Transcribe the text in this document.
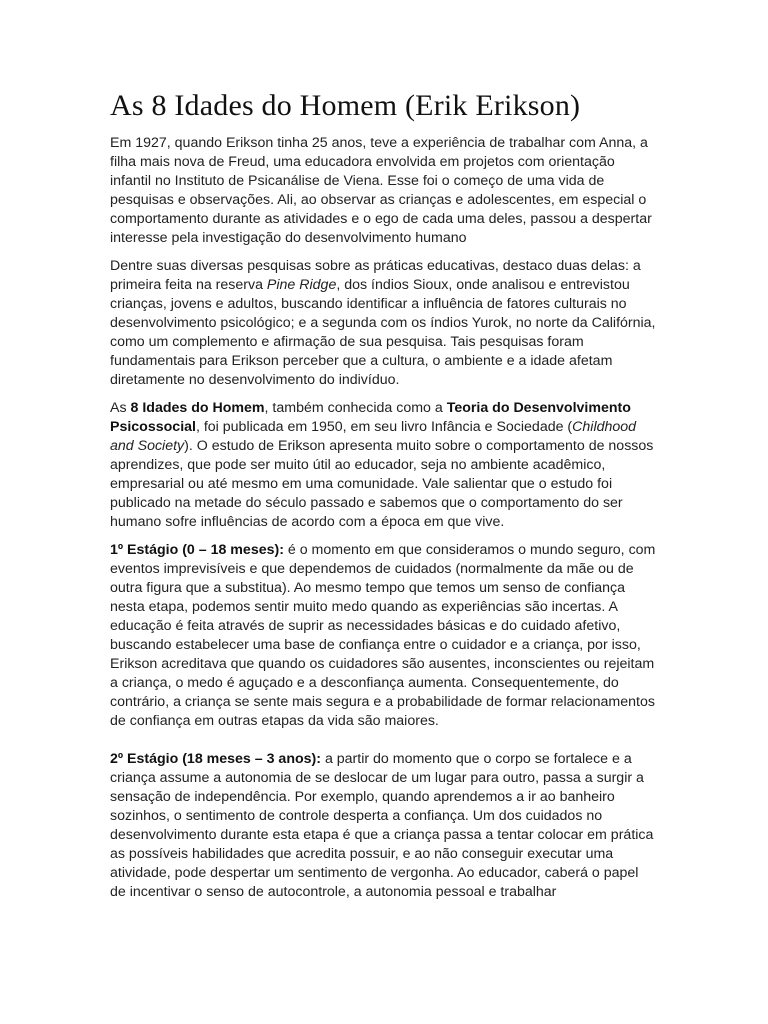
As 8 Idades do Homem (Erik Erikson)

Em 1927, quando Erikson tinha 25 anos, teve a experiência de trabalhar com Anna, a filha mais nova de Freud, uma educadora envolvida em projetos com orientação infantil no Instituto de Psicanálise de Viena. Esse foi o começo de uma vida de pesquisas e observações. Ali, ao observar as crianças e adolescentes, em especial o comportamento durante as atividades e o ego de cada uma deles, passou a despertar interesse pela investigação do desenvolvimento humano

Dentre suas diversas pesquisas sobre as práticas educativas, destaco duas delas: a primeira feita na reserva Pine Ridge, dos índios Sioux, onde analisou e entrevistou crianças, jovens e adultos, buscando identificar a influência de fatores culturais no desenvolvimento psicológico; e a segunda com os índios Yurok, no norte da Califórnia, como um complemento e afirmação de sua pesquisa. Tais pesquisas foram fundamentais para Erikson perceber que a cultura, o ambiente e a idade afetam diretamente no desenvolvimento do indivíduo.

As 8 Idades do Homem, também conhecida como a Teoria do Desenvolvimento Psicossocial, foi publicada em 1950, em seu livro Infância e Sociedade (Childhood and Society). O estudo de Erikson apresenta muito sobre o comportamento de nossos aprendizes, que pode ser muito útil ao educador, seja no ambiente acadêmico, empresarial ou até mesmo em uma comunidade. Vale salientar que o estudo foi publicado na metade do século passado e sabemos que o comportamento do ser humano sofre influências de acordo com a época em que vive.

1º Estágio (0 – 18 meses): é o momento em que consideramos o mundo seguro, com eventos imprevisíveis e que dependemos de cuidados (normalmente da mãe ou de outra figura que a substitua). Ao mesmo tempo que temos um senso de confiança nesta etapa, podemos sentir muito medo quando as experiências são incertas. A educação é feita através de suprir as necessidades básicas e do cuidado afetivo, buscando estabelecer uma base de confiança entre o cuidador e a criança, por isso, Erikson acreditava que quando os cuidadores são ausentes, inconscientes ou rejeitam a criança, o medo é aguçado e a desconfiança aumenta. Consequentemente, do contrário, a criança se sente mais segura e a probabilidade de formar relacionamentos de confiança em outras etapas da vida são maiores.

2º Estágio (18 meses – 3 anos): a partir do momento que o corpo se fortalece e a criança assume a autonomia de se deslocar de um lugar para outro, passa a surgir a sensação de independência. Por exemplo, quando aprendemos a ir ao banheiro sozinhos, o sentimento de controle desperta a confiança. Um dos cuidados no desenvolvimento durante esta etapa é que a criança passa a tentar colocar em prática as possíveis habilidades que acredita possuir, e ao não conseguir executar uma atividade, pode despertar um sentimento de vergonha. Ao educador, caberá o papel de incentivar o senso de autocontrole, a autonomia pessoal e trabalhar
